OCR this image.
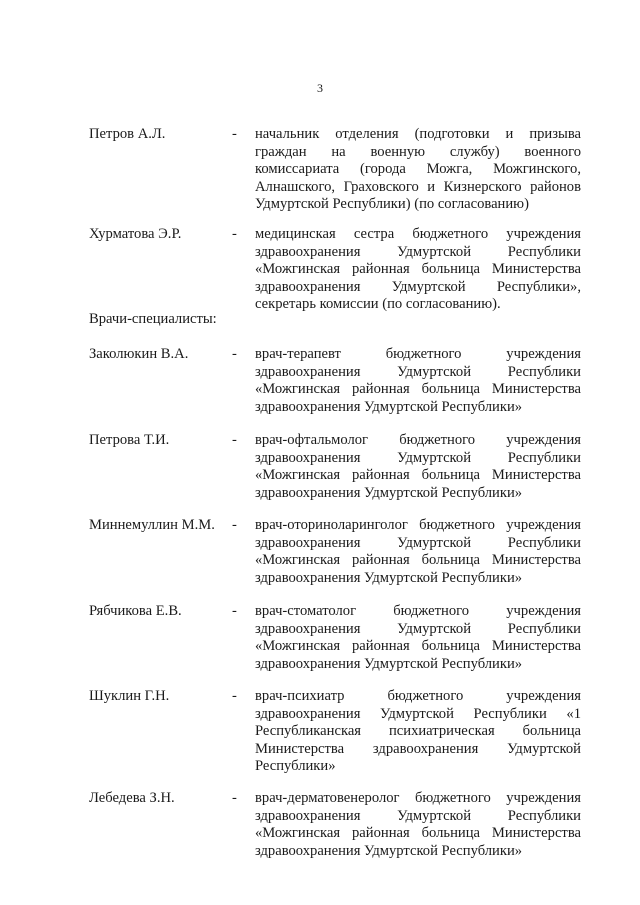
3
Петров А.Л.	- начальник отделения (подготовки и призыва граждан на военную службу) военного комиссариата (города Можга, Можгинского, Алнашского, Граховского и Кизнерского районов Удмуртской Республики) (по согласованию)
Хурматова Э.Р.	- медицинская сестра бюджетного учреждения здравоохранения Удмуртской Республики «Можгинская районная больница Министерства здравоохранения Удмуртской Республики», секретарь комиссии (по согласованию).
Врачи-специалисты:
Заколюкин В.А.	- врач-терапевт бюджетного учреждения здравоохранения Удмуртской Республики «Можгинская районная больница Министерства здравоохранения Удмуртской Республики»
Петрова Т.И.	- врач-офтальмолог бюджетного учреждения здравоохранения Удмуртской Республики «Можгинская районная больница Министерства здравоохранения Удмуртской Республики»
Миннемуллин М.М. - врач-оториноларинголог бюджетного учреждения здравоохранения Удмуртской Республики «Можгинская районная больница Министерства здравоохранения Удмуртской Республики»
Рябчикова Е.В.	- врач-стоматолог бюджетного учреждения здравоохранения Удмуртской Республики «Можгинская районная больница Министерства здравоохранения Удмуртской Республики»
Шуклин Г.Н.	- врач-психиатр бюджетного учреждения здравоохранения Удмуртской Республики «1 Республиканская психиатрическая больница Министерства здравоохранения Удмуртской Республики»
Лебедева З.Н.	- врач-дерматовенеролог бюджетного учреждения здравоохранения Удмуртской Республики «Можгинская районная больница Министерства здравоохранения Удмуртской Республики»
